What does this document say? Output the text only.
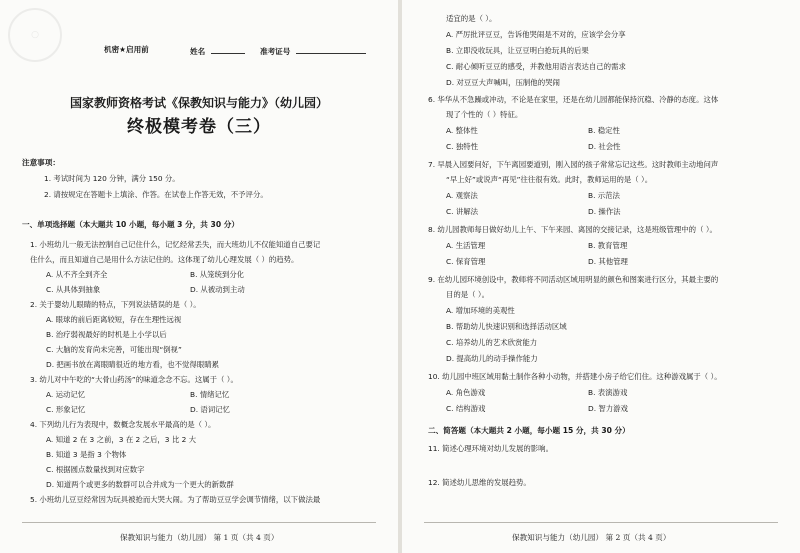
○
机密★启用前	姓名	准考证号
国家教师资格考试《保教知识与能力》（幼儿园）
终极模考卷（三）
注意事项：
1. 考试时间为 120 分钟，满分 150 分。
2. 请按规定在答题卡上填涂、作答。在试卷上作答无效，不予评分。
一、单项选择题（本大题共 10 小题，每小题 3 分，共 30 分）
1. 小班幼儿一般无法控制自己记住什么，记忆经常丢失，而大班幼儿不仅能知道自己要记
住什么，而且知道自己是用什么方法记住的。这体现了幼儿心理发展（ ）的趋势。
A. 从不齐全到齐全	B. 从笼统到分化
C. 从具体到抽象	D. 从被动到主动
2. 关于婴幼儿眼睛的特点，下列说法错误的是（ ）。
A. 眼球的前后距离较短，存在生理性远视
B. 治疗弱视最好的时机是上小学以后
C. 大脑的发育尚未完善，可能出现“倒视”
D. 把画书放在离眼睛很近的地方看，也不觉得眼睛累
3. 幼儿对中午吃的“大骨山药汤”的味道念念不忘。这属于（ ）。
A. 运动记忆	B. 情绪记忆
C. 形象记忆	D. 语词记忆
4. 下列幼儿行为表现中，数概念发展水平最高的是（ ）。
A. 知道 2 在 3 之前，3 在 2 之后，3 比 2 大
B. 知道 3 是指 3 个物体
C. 根据圆点数量找到对应数字
D. 知道两个或更多的数群可以合并成为一个更大的新数群
5. 小班幼儿豆豆经常因为玩具被抢而大哭大闹。为了帮助豆豆学会调节情绪，以下做法最
保教知识与能力（幼儿园） 第 1 页（共 4 页）
适宜的是（ ）。
A. 严厉批评豆豆，告诉他哭闹是不对的，应该学会分享
B. 立即没收玩具，让豆豆明白抢玩具的后果
C. 耐心倾听豆豆的感受，并教他用语言表达自己的需求
D. 对豆豆大声喊叫，压制他的哭闹
6. 华华从不急躁或冲动，不论是在家里，还是在幼儿园都能保持沉稳、冷静的态度。这体
现了个性的（ ）特征。
A. 整体性	B. 稳定性
C. 独特性	D. 社会性
7. 早晨入园要问好，下午离园要道别，刚入园的孩子常常忘记这些。这时教师主动地问声
“早上好”或说声“再见”往往很有效。此时，教师运用的是（ ）。
A. 观察法	B. 示范法
C. 讲解法	D. 操作法
8. 幼儿园教师每日做好幼儿上午、下午来园、离园的交接记录，这是班级管理中的（ ）。
A. 生活管理	B. 教育管理
C. 保育管理	D. 其他管理
9. 在幼儿园环境创设中，教师将不同活动区域用明显的颜色和图案进行区分，其最主要的
目的是（ ）。
A. 增加环境的美观性
B. 帮助幼儿快速识别和选择活动区域
C. 培养幼儿的艺术欣赏能力
D. 提高幼儿的动手操作能力
10. 幼儿园中班区域用黏土制作各种小动物，并搭建小房子给它们住。这种游戏属于（ ）。
A. 角色游戏	B. 表演游戏
C. 结构游戏	D. 智力游戏
二、简答题（本大题共 2 小题，每小题 15 分，共 30 分）
11. 简述心理环境对幼儿发展的影响。
12. 简述幼儿思维的发展趋势。
保教知识与能力（幼儿园） 第 2 页（共 4 页）
